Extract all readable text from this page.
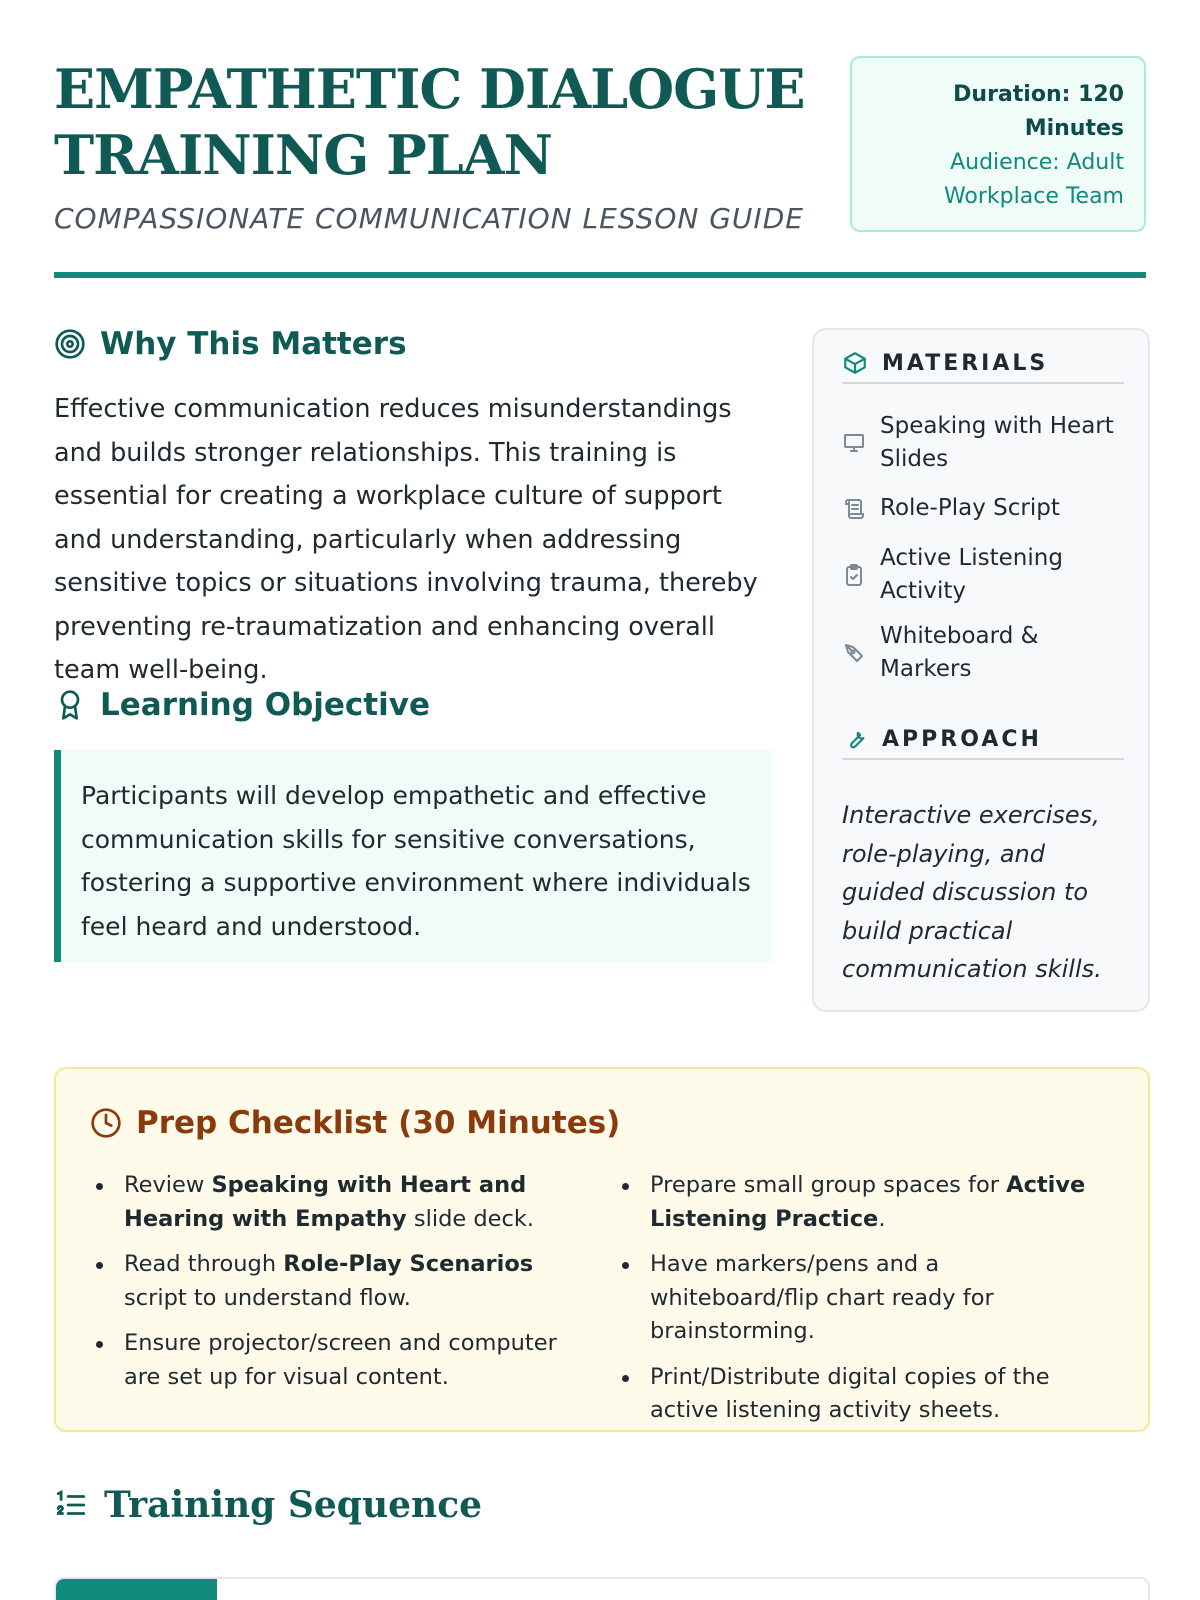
EMPATHETIC DIALOGUE
TRAINING PLAN
COMPASSIONATE COMMUNICATION LESSON GUIDE
Duration: 120 Minutes
Audience: Adult Workplace Team
Why This Matters

Effective communication reduces misunderstandings and builds stronger relationships. This training is essential for creating a workplace culture of support and understanding, particularly when addressing sensitive topics or situations involving trauma, thereby preventing re-traumatization and enhancing overall team well-being.

Learning Objective
Participants will develop empathetic and effective communication skills for sensitive conversations, fostering a supportive environment where individuals feel heard and understood.
MATERIALS
Speaking with Heart Slides
Role-Play Script
Active Listening Activity
Whiteboard & Markers
APPROACH

Interactive exercises, role-playing, and guided discussion to build practical communication skills.

Prep Checklist (30 Minutes)
Review Speaking with Heart and Hearing with Empathy slide deck.
Read through Role-Play Scenarios script to understand flow.
Ensure projector/screen and computer are set up for visual content.
Prepare small group spaces for Active Listening Practice.
Have markers/pens and a whiteboard/flip chart ready for brainstorming.
Print/Distribute digital copies of the active listening activity sheets.
Training Sequence
